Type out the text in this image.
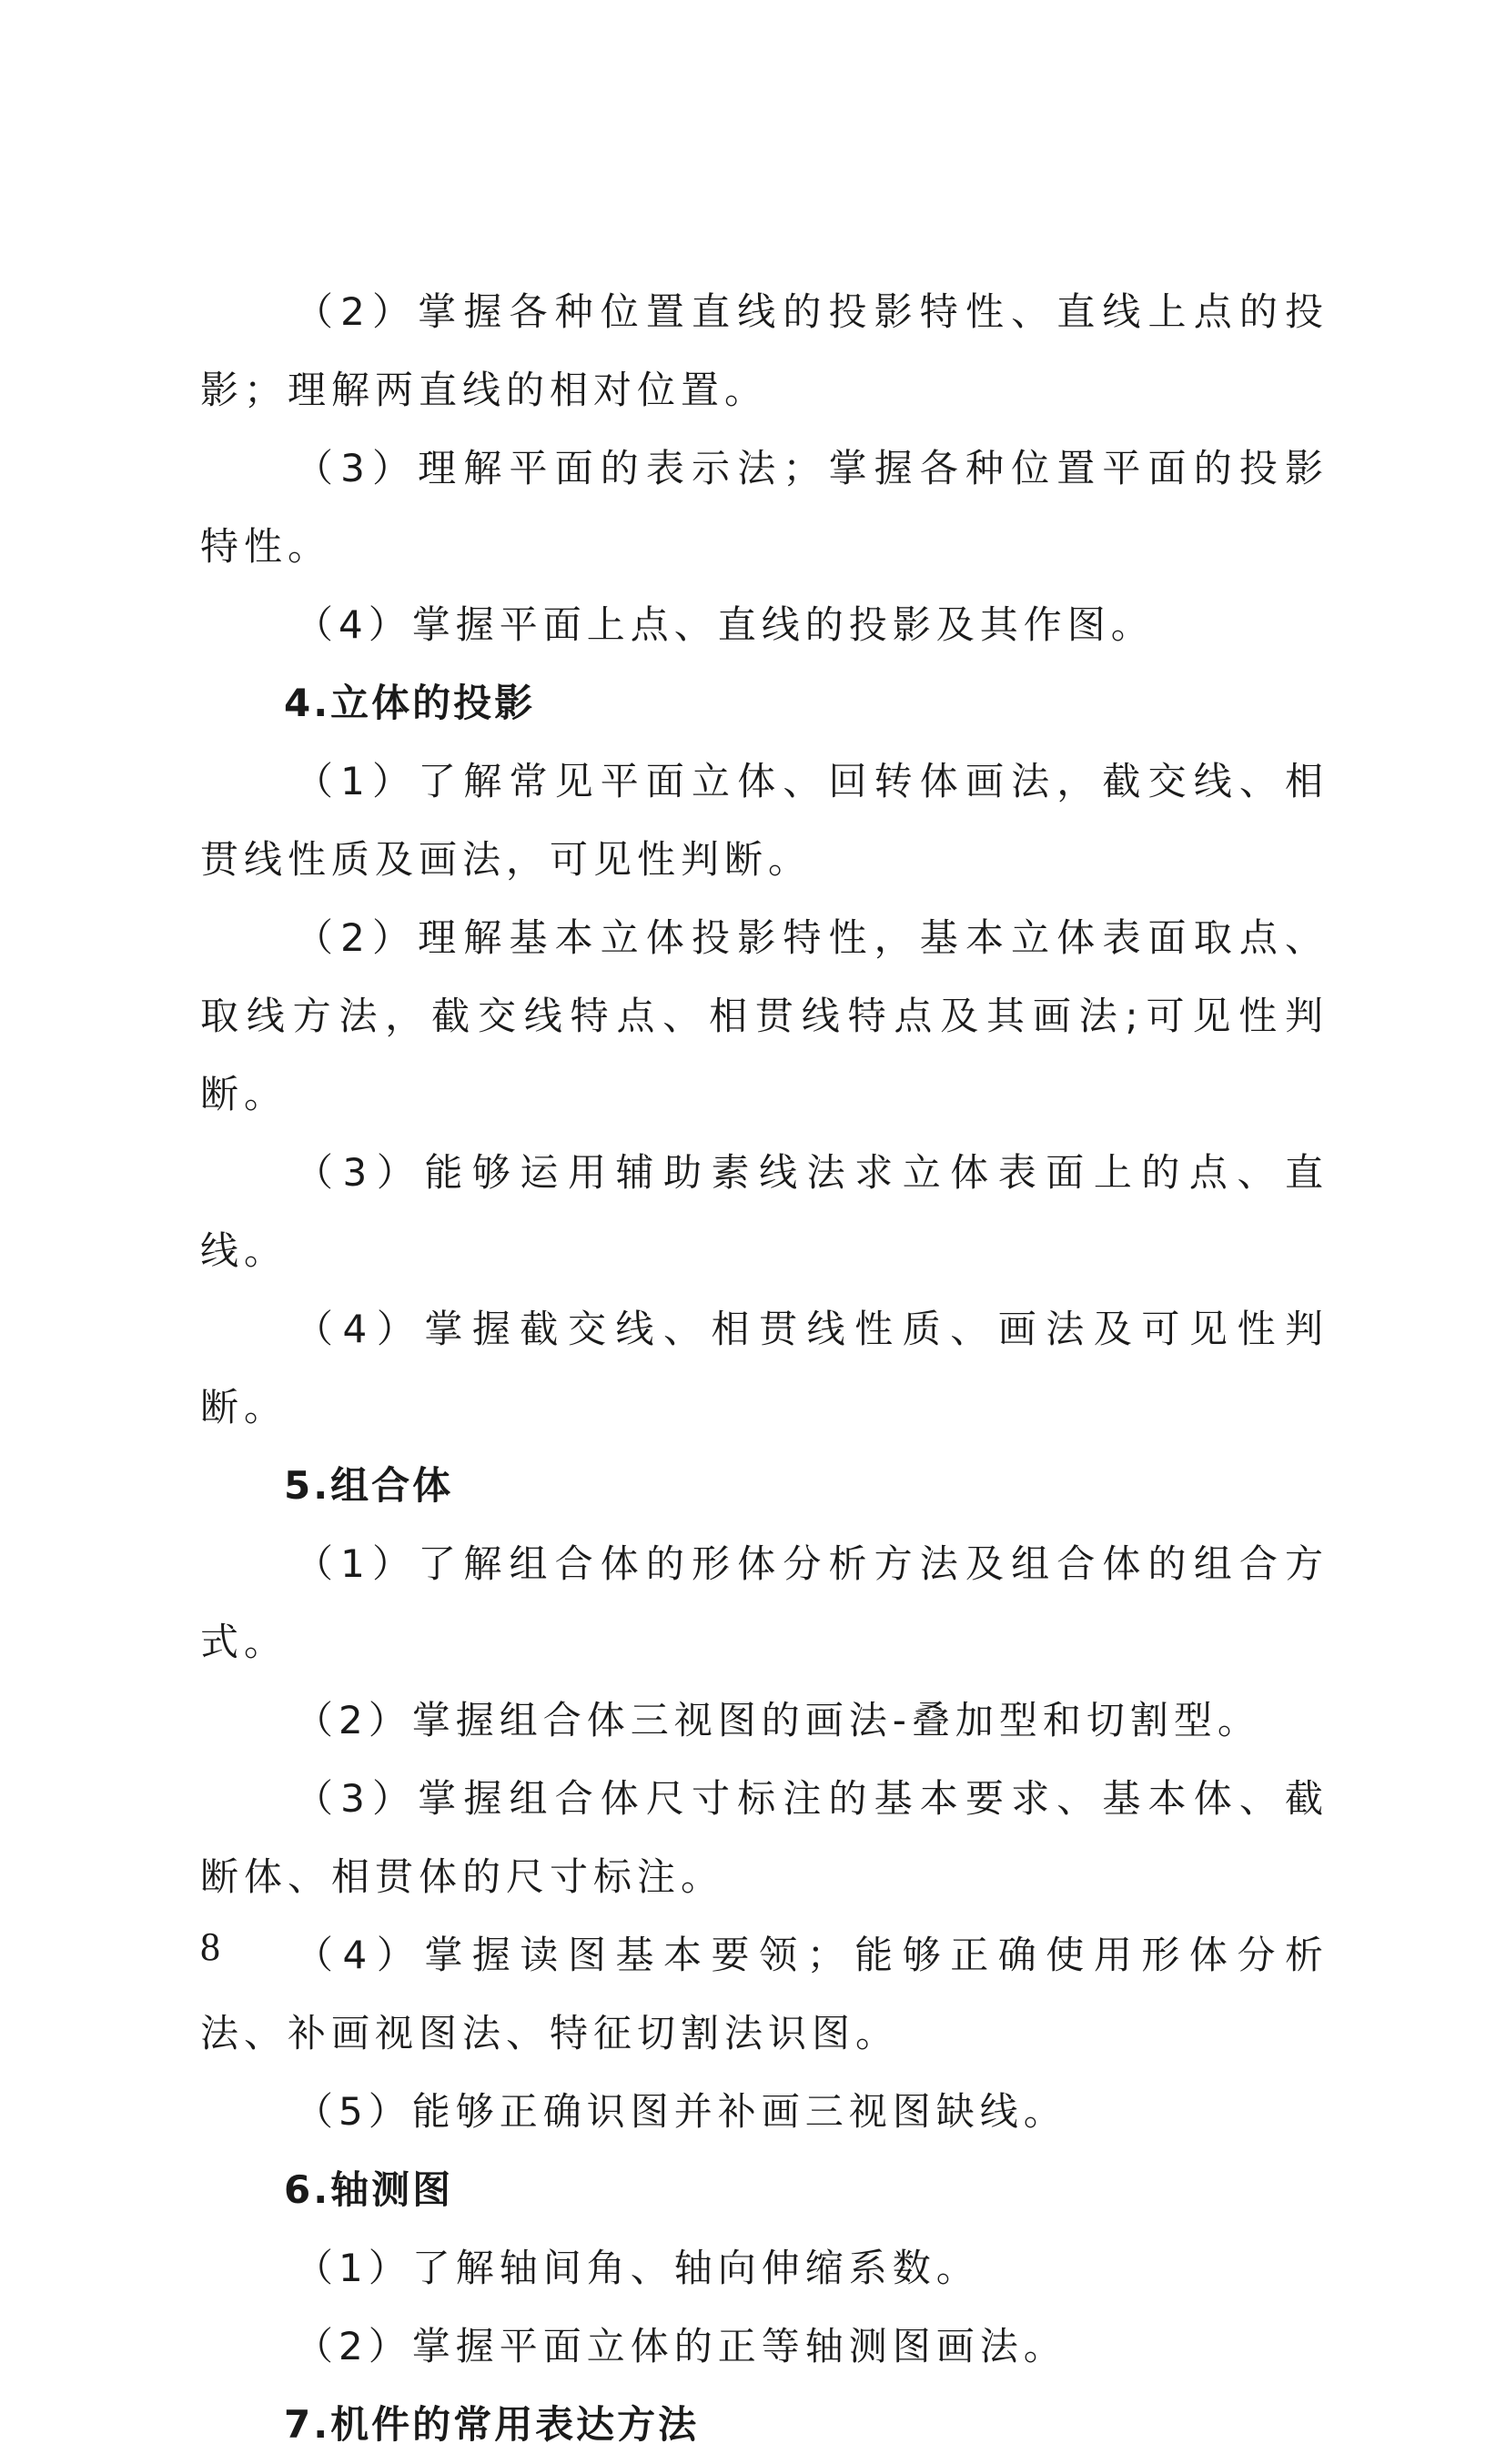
（2）掌握各种位置直线的投影特性、直线上点的投影；理解两直线的相对位置。

（3）理解平面的表示法；掌握各种位置平面的投影特性。

（4）掌握平面上点、直线的投影及其作图。

4.立体的投影

（1）了解常见平面立体、回转体画法，截交线、相贯线性质及画法，可见性判断。

（2）理解基本立体投影特性，基本立体表面取点、取线方法，截交线特点、相贯线特点及其画法;可见性判断。

（3）能够运用辅助素线法求立体表面上的点、直线。

（4）掌握截交线、相贯线性质、画法及可见性判断。

5.组合体

（1）了解组合体的形体分析方法及组合体的组合方式。

（2）掌握组合体三视图的画法-叠加型和切割型。

（3）掌握组合体尺寸标注的基本要求、基本体、截断体、相贯体的尺寸标注。

（4）掌握读图基本要领；能够正确使用形体分析法、补画视图法、特征切割法识图。

（5）能够正确识图并补画三视图缺线。

6.轴测图

（1）了解轴间角、轴向伸缩系数。

（2）掌握平面立体的正等轴测图画法。

7.机件的常用表达方法

8
